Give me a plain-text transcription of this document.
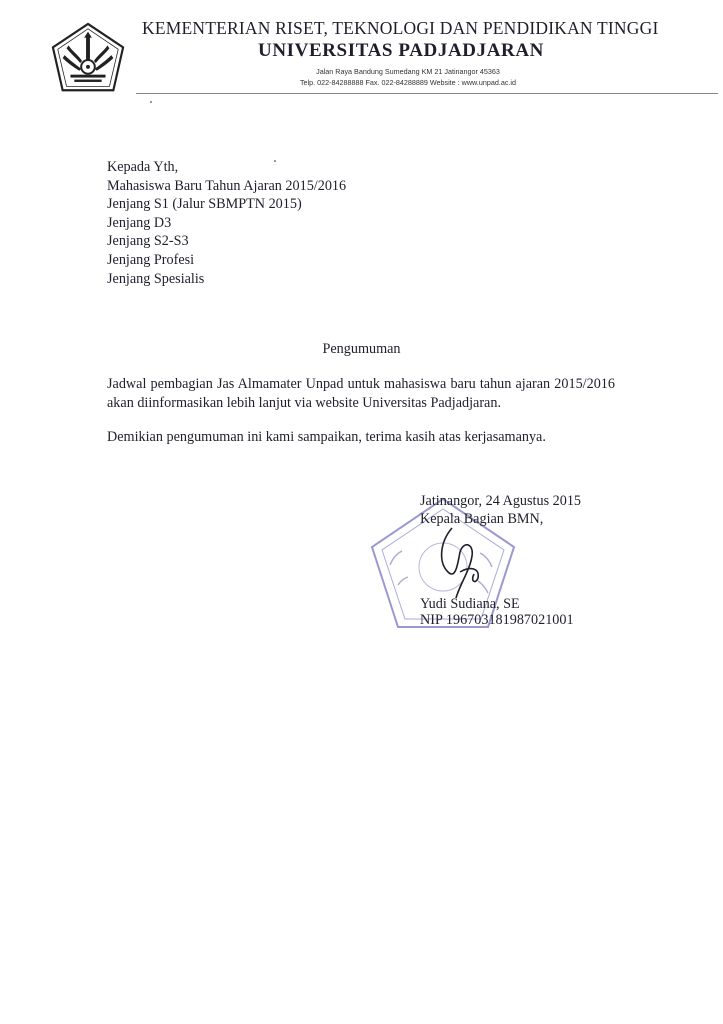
KEMENTERIAN RISET, TEKNOLOGI DAN PENDIDIKAN TINGGI
UNIVERSITAS PADJADJARAN
Jalan Raya Bandung Sumedang KM 21 Jatinangor 45363
Telp. 022-84288888 Fax. 022-84288889 Website : www.unpad.ac.id
Kepada Yth,
Mahasiswa Baru Tahun Ajaran 2015/2016
Jenjang S1 (Jalur SBMPTN 2015)
Jenjang D3
Jenjang S2-S3
Jenjang Profesi
Jenjang Spesialis
Pengumuman
Jadwal pembagian Jas Almamater Unpad untuk mahasiswa baru tahun ajaran 2015/2016 akan diinformasikan lebih lanjut via website Universitas Padjadjaran.
Demikian pengumuman ini kami sampaikan, terima kasih atas kerjasamanya.
Jatinangor, 24 Agustus 2015
Kepala Bagian BMN,
Yudi Sudiana, SE
NIP 196703181987021001
